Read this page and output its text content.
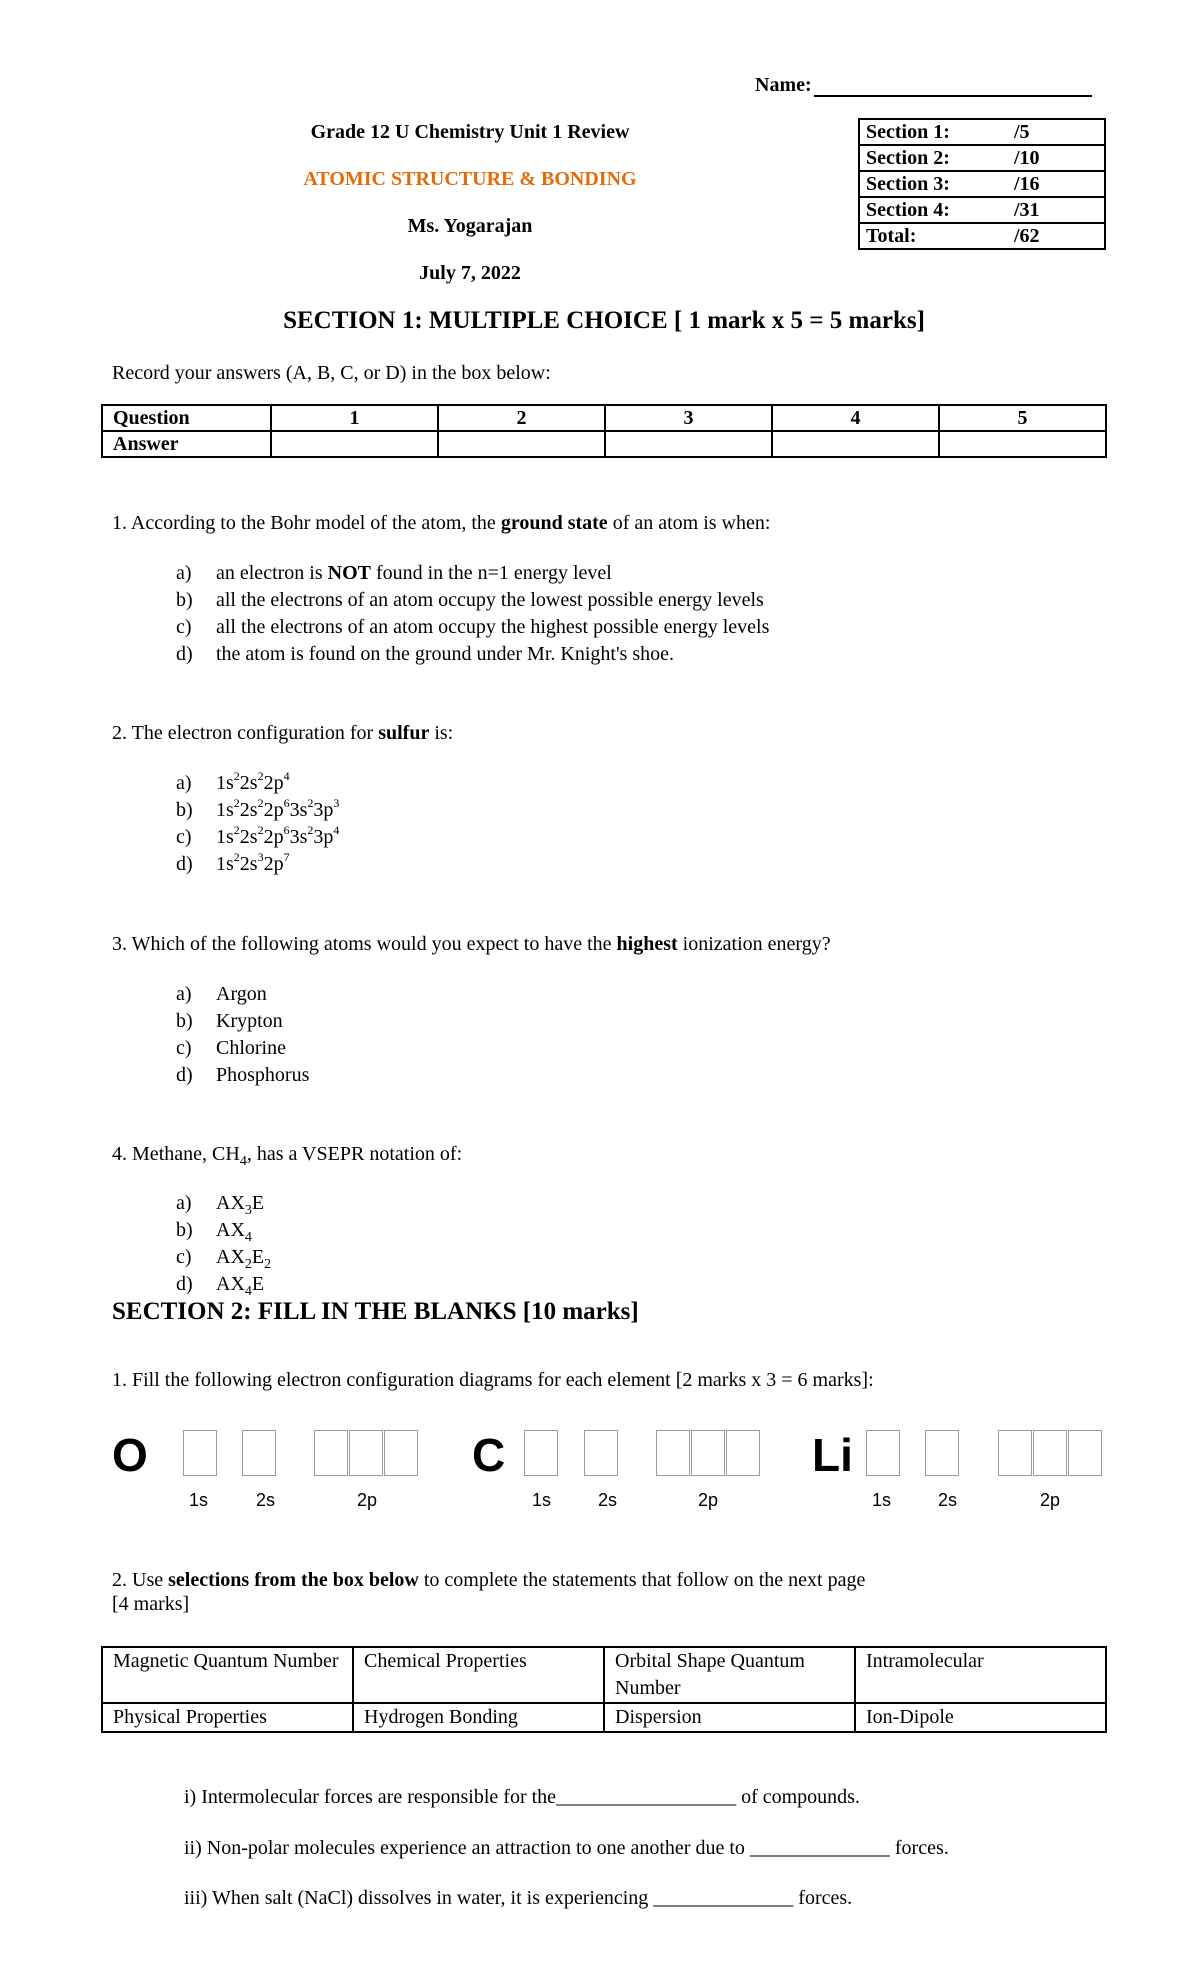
Name:
Grade 12 U Chemistry Unit 1 Review
ATOMIC STRUCTURE & BONDING
Ms. Yogarajan
July 7, 2022
Section 1:	/5

Section 2:	/10

Section 3:	/16

Section 4:	/31

Total:	/62
SECTION 1: MULTIPLE CHOICE [ 1 mark x 5 = 5 marks]
Record your answers (A, B, C, or D) in the box below:
Question	1	2	3	4	5
Answer					
1. According to the Bohr model of the atom, the ground state of an atom is when:
a)	an electron is NOT found in the n=1 energy level
b)	all the electrons of an atom occupy the lowest possible energy levels
c)	all the electrons of an atom occupy the highest possible energy levels
d)	the atom is found on the ground under Mr. Knight's shoe.
2. The electron configuration for sulfur is:
a)	$1s^22s^22p^4$
b)	$1s^22s^22p^63s^23p^3$
c)	$1s^22s^22p^63s^23p^4$
d)	$1s^22s^32p^7$
3. Which of the following atoms would you expect to have the highest ionization energy?
a)	Argon
b)	Krypton
c)	Chlorine
d)	Phosphorus
4. Methane, $CH_4$, has a VSEPR notation of:
a)	$AX_3E$
b)	$AX_4$
c)	$AX_2E_2$
d)	$AX_4E$
SECTION 2: FILL IN THE BLANKS [10 marks]
1. Fill the following electron configuration diagrams for each element [2 marks x 3 = 6 marks]:
O
1s	2s	2p
C
1s	2s	2p
Li
1s	2s	2p
2. Use selections from the box below to complete the statements that follow on the next page
[4 marks]
Magnetic Quantum Number	Chemical Properties	Orbital Shape Quantum Number	Intramolecular
Physical Properties	Hydrogen Bonding	Dispersion	Ion-Dipole
i) Intermolecular forces are responsible for the__________________ of compounds.
ii) Non-polar molecules experience an attraction to one another due to ______________ forces.
iii) When salt (NaCl) dissolves in water, it is experiencing ______________ forces.
